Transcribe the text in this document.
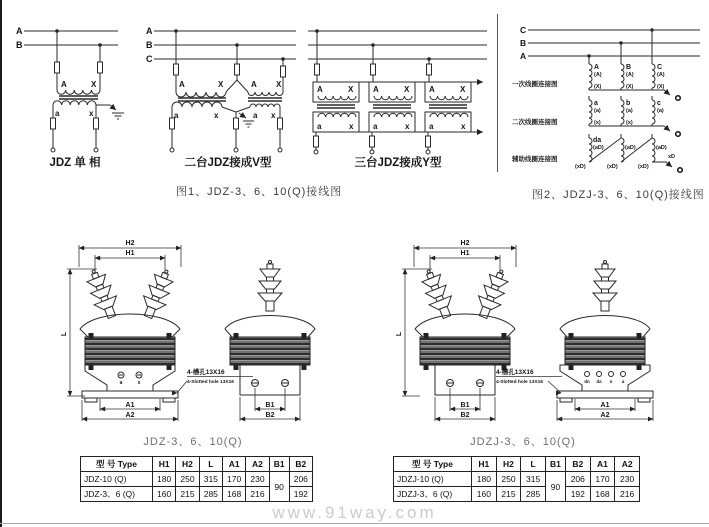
A
B
A	X
a	x
JDZ 单 相
A
B
C
A	X	A X
a	x	a x
二台JDZ接成V型
A	X A	X A	X
a	x a	x a	x
三台JDZ接成Y型
图1、JDZ-3、6、10(Q)接线图
C
B
A
A
(A)
(X)
B
(A)
(X)
C
(A)
(X)
一次线圈连接图
a
(a)
(x)
b
(a)
(x)
c
(a)
二次线圈连接图
da
(aD)	(aD)	(aD)
(xD)	(xD)	(xD)
xD
辅助线圈连接图
图2、JDZJ-3、6、10(Q)接线图
H2
H1
L
a	x
A1
A2
4-槽孔13X16
4-Slotted hole 13X16
B1
B2
JDZ-3、6、10(Q)
H2
H1
L
B1
B2
4-槽孔13X16
4-Slotted hole 13X16	dn da n a
A1
A2
JDZJ-3、6、10(Q)
型 号 Type	H1	H2	L	A1	A2	B1	B2
JDZ-10 (Q)	180	250	315	170	230	90	206
JDZ-3、6 (Q)	160	215	285	168	216		192
型 号 Type	H1	H2	L	B1	B2	A1	A2
JDZJ-10 (Q)	180	250	315	90	206	170	230
JDZJ-3、6 (Q)	160	215	285		192	168	216
www.91way.com
